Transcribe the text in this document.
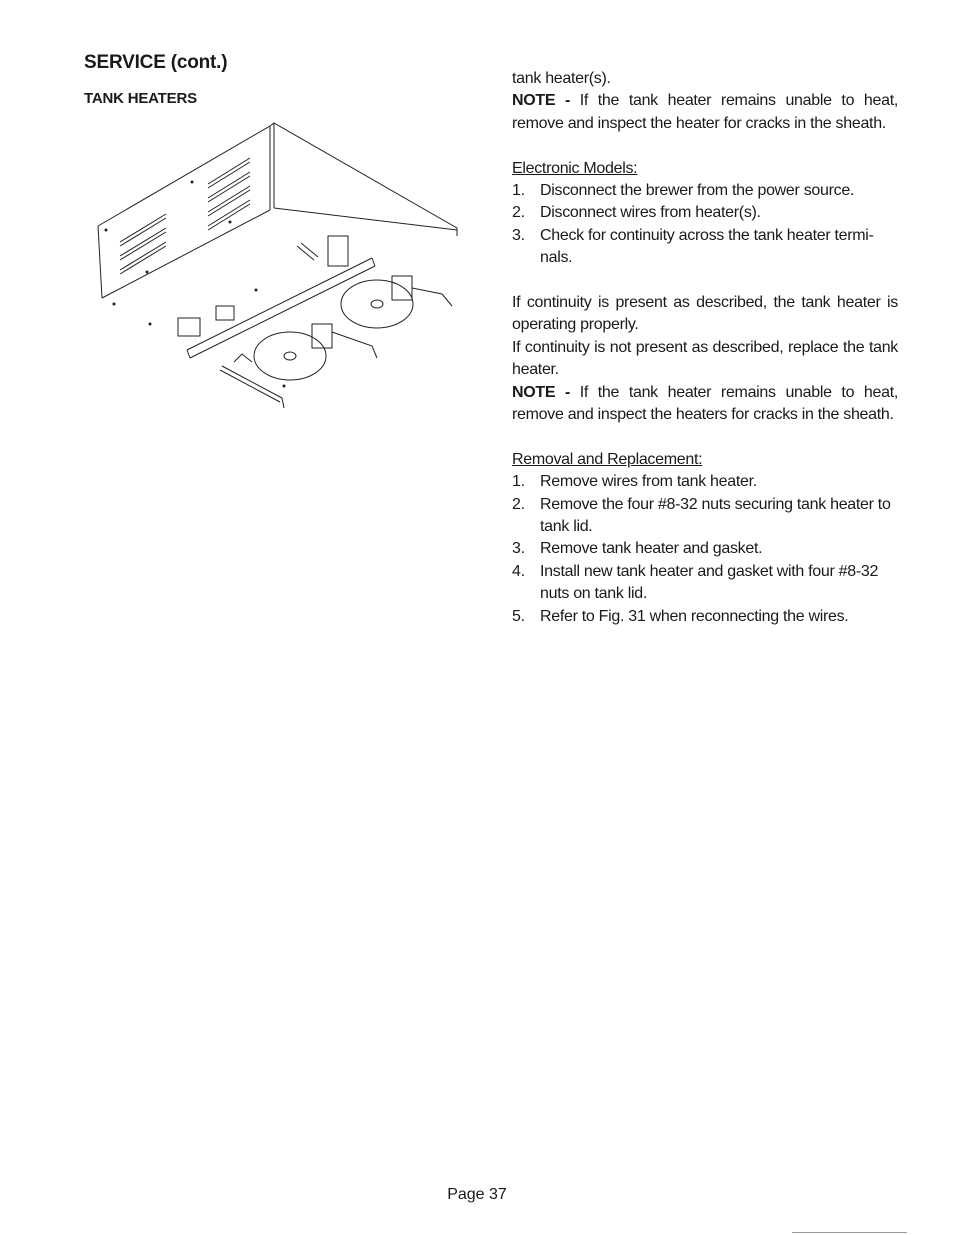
SERVICE (cont.)
TANK HEATERS

tank heater(s).

NOTE - If the tank heater remains unable to heat, remove and inspect the heater for cracks in the sheath.

Electronic Models:

1. Disconnect the brewer from the power source.
2. Disconnect wires from heater(s).
3. Check for continuity across the tank heater termi- nals.

If continuity is present as described, the tank heater is operating properly.

If continuity is not present as described, replace the tank heater.

NOTE - If the tank heater remains unable to heat, remove and inspect the heaters for cracks in the sheath.

Removal and Replacement:

1. Remove wires from tank heater.
2. Remove the four #8-32 nuts securing tank heater to tank lid.
3. Remove tank heater and gasket.
4. Install new tank heater and gasket with four #8-32 nuts on tank lid.
5. Refer to Fig. 31 when reconnecting the wires.
Page 37
